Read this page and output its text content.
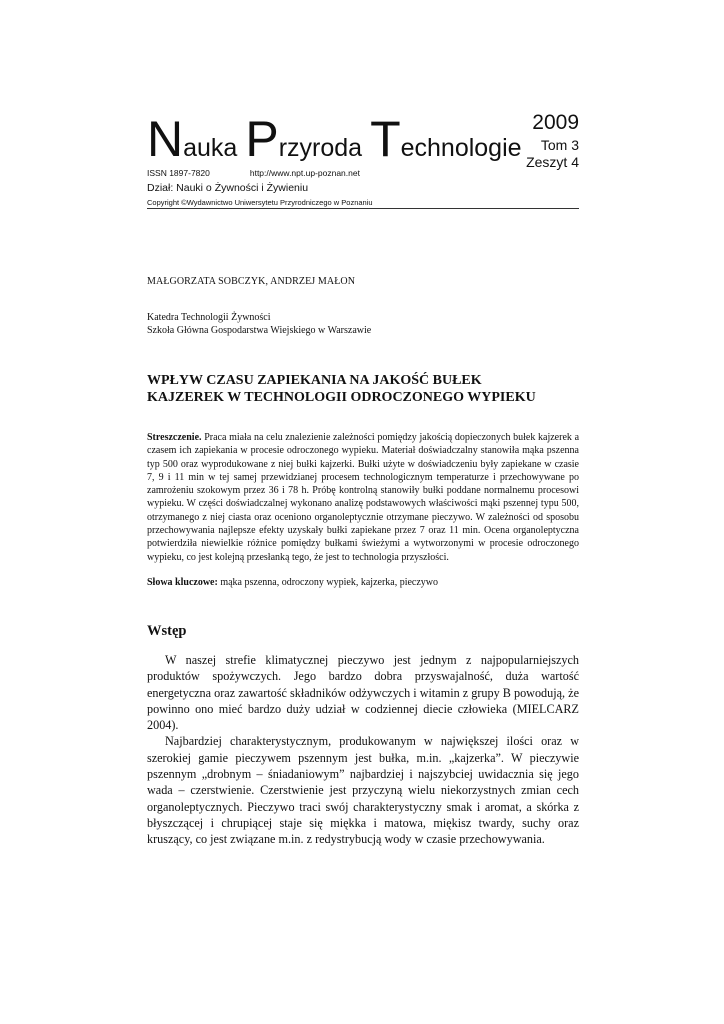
Nauka Przyroda Technologie
2009
Tom 3
Zeszyt 4
ISSN 1897-7820	http://www.npt.up-poznan.net
Dział: Nauki o Żywności i Żywieniu
Copyright ©Wydawnictwo Uniwersytetu Przyrodniczego w Poznaniu
MAŁGORZATA SOBCZYK, ANDRZEJ MAŁON
Katedra Technologii Żywności
Szkoła Główna Gospodarstwa Wiejskiego w Warszawie
WPŁYW CZASU ZAPIEKANIA NA JAKOŚĆ BUŁEK
KAJZEREK W TECHNOLOGII ODROCZONEGO WYPIEKU
Streszczenie. Praca miała na celu znalezienie zależności pomiędzy jakością dopieczonych bułek kajzerek a czasem ich zapiekania w procesie odroczonego wypieku. Materiał doświadczalny stanowiła mąka pszenna typ 500 oraz wyprodukowane z niej bułki kajzerki. Bułki użyte w doświadczeniu były zapiekane w czasie 7, 9 i 11 min w tej samej przewidzianej procesem technologicznym temperaturze i przechowywane po zamrożeniu szokowym przez 36 i 78 h. Próbę kontrolną stanowiły bułki poddane normalnemu procesowi wypieku. W części doświadczalnej wykonano analizę podstawowych właściwości mąki pszennej typu 500, otrzymanego z niej ciasta oraz oceniono organoleptycznie otrzymane pieczywo. W zależności od sposobu przechowywania najlepsze efekty uzyskały bułki zapiekane przez 7 oraz 11 min. Ocena organoleptyczna potwierdziła niewielkie różnice pomiędzy bułkami świeżymi a wytworzonymi w procesie odroczonego wypieku, co jest kolejną przesłanką tego, że jest to technologia przyszłości.
Słowa kluczowe: mąka pszenna, odroczony wypiek, kajzerka, pieczywo
Wstęp

W naszej strefie klimatycznej pieczywo jest jednym z najpopularniejszych produktów spożywczych. Jego bardzo dobra przyswajalność, duża wartość energetyczna oraz zawartość składników odżywczych i witamin z grupy B powodują, że powinno ono mieć bardzo duży udział w codziennej diecie człowieka (MIELCARZ 2004).

Najbardziej charakterystycznym, produkowanym w największej ilości oraz w szerokiej gamie pieczywem pszennym jest bułka, m.in. „kajzerka”. W pieczywie pszennym „drobnym – śniadaniowym” najbardziej i najszybciej uwidacznia się jego wada – czerstwienie. Czerstwienie jest przyczyną wielu niekorzystnych zmian cech organoleptycznych. Pieczywo traci swój charakterystyczny smak i aromat, a skórka z błyszczącej i chrupiącej staje się miękka i matowa, miękisz twardy, suchy oraz kruszący, co jest związane m.in. z redystrybucją wody w czasie przechowywania.
